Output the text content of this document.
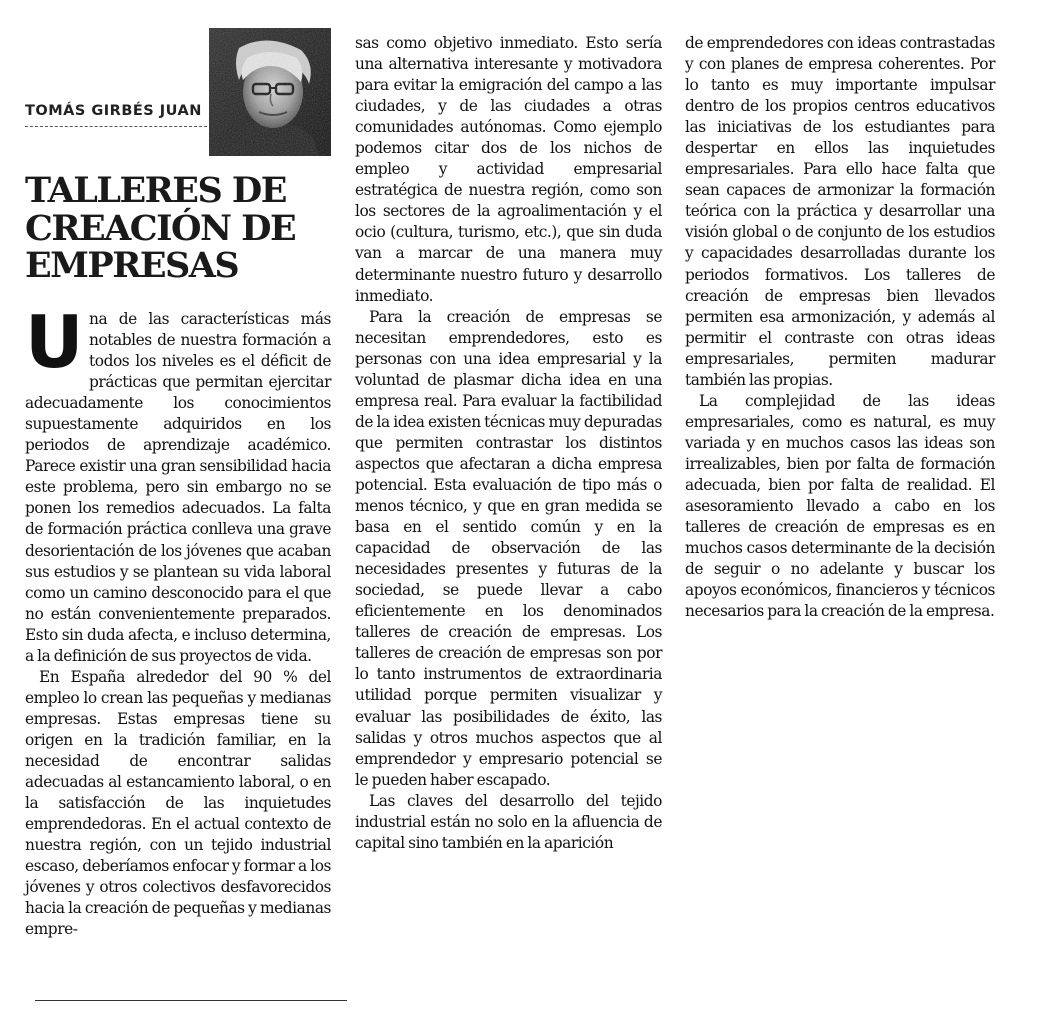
TOMÁS GIRBÉS JUAN
TALLERES DE CREACIÓN DE EMPRESAS

Una de las características más notables de nuestra formación a todos los niveles es el déficit de prácticas que permitan ejercitar adecuadamente los conocimientos supuestamente adquiridos en los periodos de aprendizaje académico. Parece existir una gran sensibilidad hacia este problema, pero sin embargo no se ponen los remedios adecuados. La falta de formación práctica conlleva una grave desorientación de los jóvenes que acaban sus estudios y se plantean su vida laboral como un camino desconocido para el que no están convenientemente preparados. Esto sin duda afecta, e incluso determina, a la definición de sus proyectos de vida.

En España alrededor del 90 % del empleo lo crean las pequeñas y medianas empresas. Estas empresas tiene su origen en la tradición familiar, en la necesidad de encontrar salidas adecuadas al estancamiento laboral, o en la satisfacción de las inquietudes emprendedoras. En el actual contexto de nuestra región, con un tejido industrial escaso, deberíamos enfocar y formar a los jóvenes y otros colectivos desfavorecidos hacia la creación de pequeñas y medianas empre-

sas como objetivo inmediato. Esto sería una alternativa interesante y motivadora para evitar la emigración del campo a las ciudades, y de las ciudades a otras comunidades autónomas. Como ejemplo podemos citar dos de los nichos de empleo y actividad empresarial estratégica de nuestra región, como son los sectores de la agroalimentación y el ocio (cultura, turismo, etc.), que sin duda van a marcar de una manera muy determinante nuestro futuro y desarrollo inmediato.

Para la creación de empresas se necesitan emprendedores, esto es personas con una idea empresarial y la voluntad de plasmar dicha idea en una empresa real. Para evaluar la factibilidad de la idea existen técnicas muy depuradas que permiten contrastar los distintos aspectos que afectaran a dicha empresa potencial. Esta evaluación de tipo más o menos técnico, y que en gran medida se basa en el sentido común y en la capacidad de observación de las necesidades presentes y futuras de la sociedad, se puede llevar a cabo eficientemente en los denominados talleres de creación de empresas. Los talleres de creación de empresas son por lo tanto instrumentos de extraordinaria utilidad porque permiten visualizar y evaluar las posibilidades de éxito, las salidas y otros muchos aspectos que al emprendedor y empresario potencial se le pueden haber escapado.

Las claves del desarrollo del tejido industrial están no solo en la afluencia de capital sino también en la aparición

de emprendedores con ideas contrastadas y con planes de empresa coherentes. Por lo tanto es muy importante impulsar dentro de los propios centros educativos las iniciativas de los estudiantes para despertar en ellos las inquietudes empresariales. Para ello hace falta que sean capaces de armonizar la formación teórica con la práctica y desarrollar una visión global o de conjunto de los estudios y capacidades desarrolladas durante los periodos formativos. Los talleres de creación de empresas bien llevados permiten esa armonización, y además al permitir el contraste con otras ideas empresariales, permiten madurar también las propias.

La complejidad de las ideas empresariales, como es natural, es muy variada y en muchos casos las ideas son irrealizables, bien por falta de formación adecuada, bien por falta de realidad. El asesoramiento llevado a cabo en los talleres de creación de empresas es en muchos casos determinante de la decisión de seguir o no adelante y buscar los apoyos económicos, financieros y técnicos necesarios para la creación de la empresa.
